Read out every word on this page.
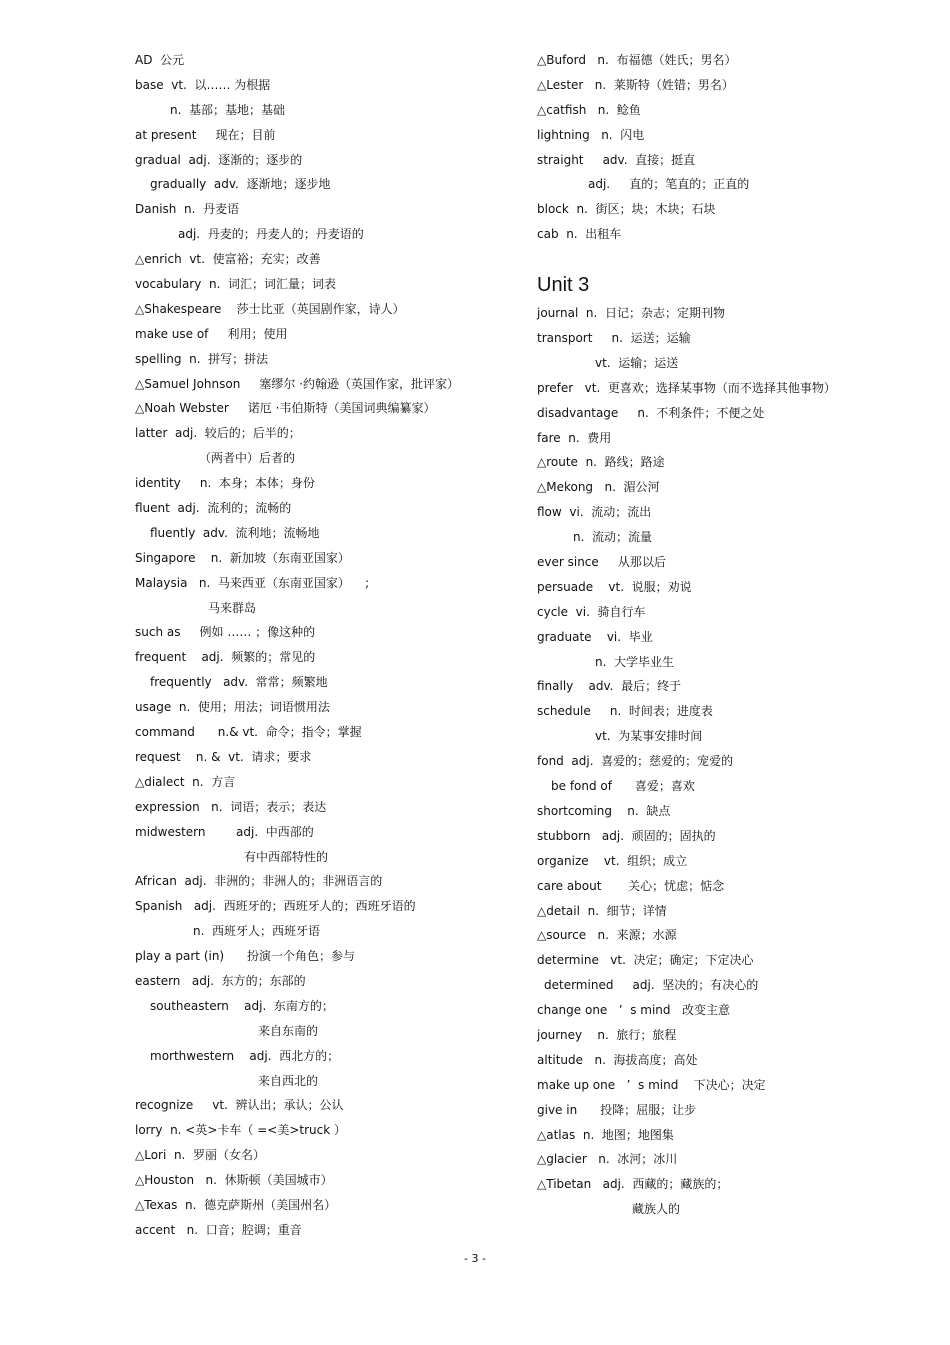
AD  公元
base  vt.  以…… 为根据
n.  基部；基地；基础
at present     现在；目前
gradual  adj.  逐渐的；逐步的
gradually  adv.  逐渐地；逐步地
Danish  n.  丹麦语
adj.  丹麦的；丹麦人的；丹麦语的
△enrich  vt.  使富裕；充实；改善
vocabulary  n.  词汇；词汇量；词表
△Shakespeare    莎士比亚（英国剧作家，诗人）
make use of     利用；使用
spelling  n.  拼写；拼法
△Samuel Johnson     塞缪尔 ·约翰逊（英国作家，批评家）
△Noah Webster     诺厄 ·韦伯斯特（美国词典编纂家）
latter  adj.  较后的；后半的；
（两者中）后者的
identity     n.  本身；本体；身份
fluent  adj.  流利的；流畅的
fluently  adv.  流利地；流畅地
Singapore    n.  新加坡（东南亚国家）
Malaysia   n.  马来西亚（东南亚国家）    ;
马来群岛
such as     例如 …… ；像这种的
frequent    adj.  频繁的；常见的
frequently   adv.  常常；频繁地
usage  n.  使用；用法；词语惯用法
command      n.& vt.  命令；指令；掌握
request    n. &  vt.  请求；要求
△dialect  n.  方言
expression   n.  词语；表示；表达
midwestern        adj.  中西部的
有中西部特性的
African  adj.  非洲的；非洲人的；非洲语言的
Spanish   adj.  西班牙的；西班牙人的；西班牙语的
n.  西班牙人；西班牙语
play a part (in)      扮演一个角色；参与
eastern   adj.  东方的；东部的
southeastern    adj.  东南方的；
来自东南的
morthwestern    adj.  西北方的；
来自西北的
recognize     vt.  辨认出；承认；公认
lorry  n. <英>卡车（ =<美>truck ）
△Lori  n.  罗丽（女名）
△Houston   n.  休斯顿（美国城市）
△Texas  n.  德克萨斯州（美国州名）
accent   n.  口音；腔调；重音
△Buford   n.  布福德（姓氏；男名）
△Lester   n.  莱斯特（姓错；男名）
△catfish   n.  鲶鱼
lightning   n.  闪电
straight     adv.  直接；挺直
adj.     直的；笔直的；正直的
block  n.  街区；块；木块；石块
cab  n.  出租车
Unit 3
journal  n.  日记；杂志；定期刊物
transport     n.  运送；运输
vt.  运输；运送
prefer   vt.  更喜欢；选择某事物（而不选择其他事物）
disadvantage     n.  不利条件；不便之处
fare  n.  费用
△route  n.  路线；路途
△Mekong   n.  湄公河
flow  vi.  流动；流出
n.  流动；流量
ever since     从那以后
persuade    vt.  说服；劝说
cycle  vi.  骑自行车
graduate    vi.  毕业
n.  大学毕业生
finally    adv.  最后；终于
schedule     n.  时间表；进度表
vt.  为某事安排时间
fond  adj.  喜爱的；慈爱的；宠爱的
be fond of      喜爱；喜欢
shortcoming    n.  缺点
stubborn   adj.  顽固的；固执的
organize    vt.  组织；成立
care about       关心；忧虑；惦念
△detail  n.  细节；详情
△source   n.  来源；水源
determine   vt.  决定；确定；下定决心
determined     adj.  坚决的；有决心的
change one   ’  s mind   改变主意
journey    n.  旅行；旅程
altitude   n.  海拔高度；高处
make up one   ’  s mind    下决心；决定
give in      投降；屈服；让步
△atlas  n.  地图；地图集
△glacier   n.  冰河；冰川
△Tibetan   adj.  西藏的；藏族的；
藏族人的
- 3 -
